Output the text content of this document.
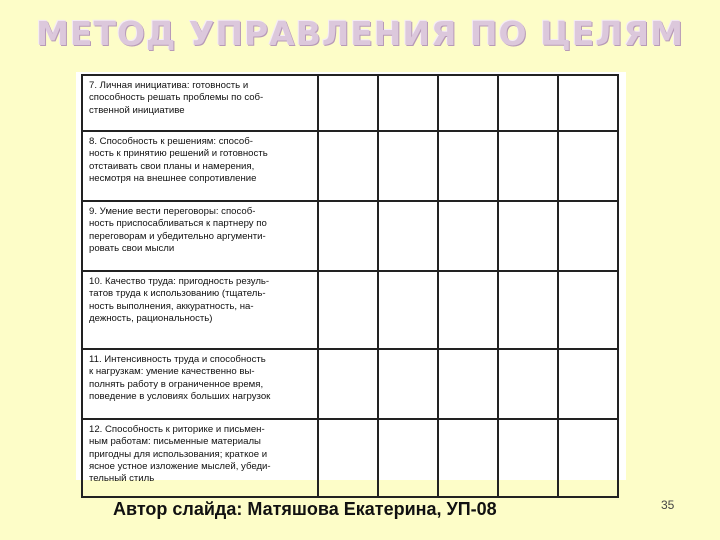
МЕТОД УПРАВЛЕНИЯ ПО ЦЕЛЯМ
7. Личная инициатива: готовность и
способность решать проблемы по соб-
ственной инициативе					
8. Способность к решениям: способ-
ность к принятию решений и готовность
отстаивать свои планы и намерения,
несмотря на внешнее сопротивление					
9. Умение вести переговоры: способ-
ность приспосабливаться к партнеру по
переговорам и убедительно аргументи-
ровать свои мысли					
10. Качество труда: пригодность резуль-
татов труда к использованию (тщатель-
ность выполнения, аккуратность, на-
дежность, рациональность)					
11. Интенсивность труда и способность
к нагрузкам: умение качественно вы-
полнять работу в ограниченное время,
поведение в условиях больших нагрузок					
12. Способность к риторике и письмен-
ным работам: письменные материалы
пригодны для использования; краткое и
ясное устное изложение мыслей, убеди-
тельный стиль					
Автор слайда: Матяшова Екатерина, УП-08	35
